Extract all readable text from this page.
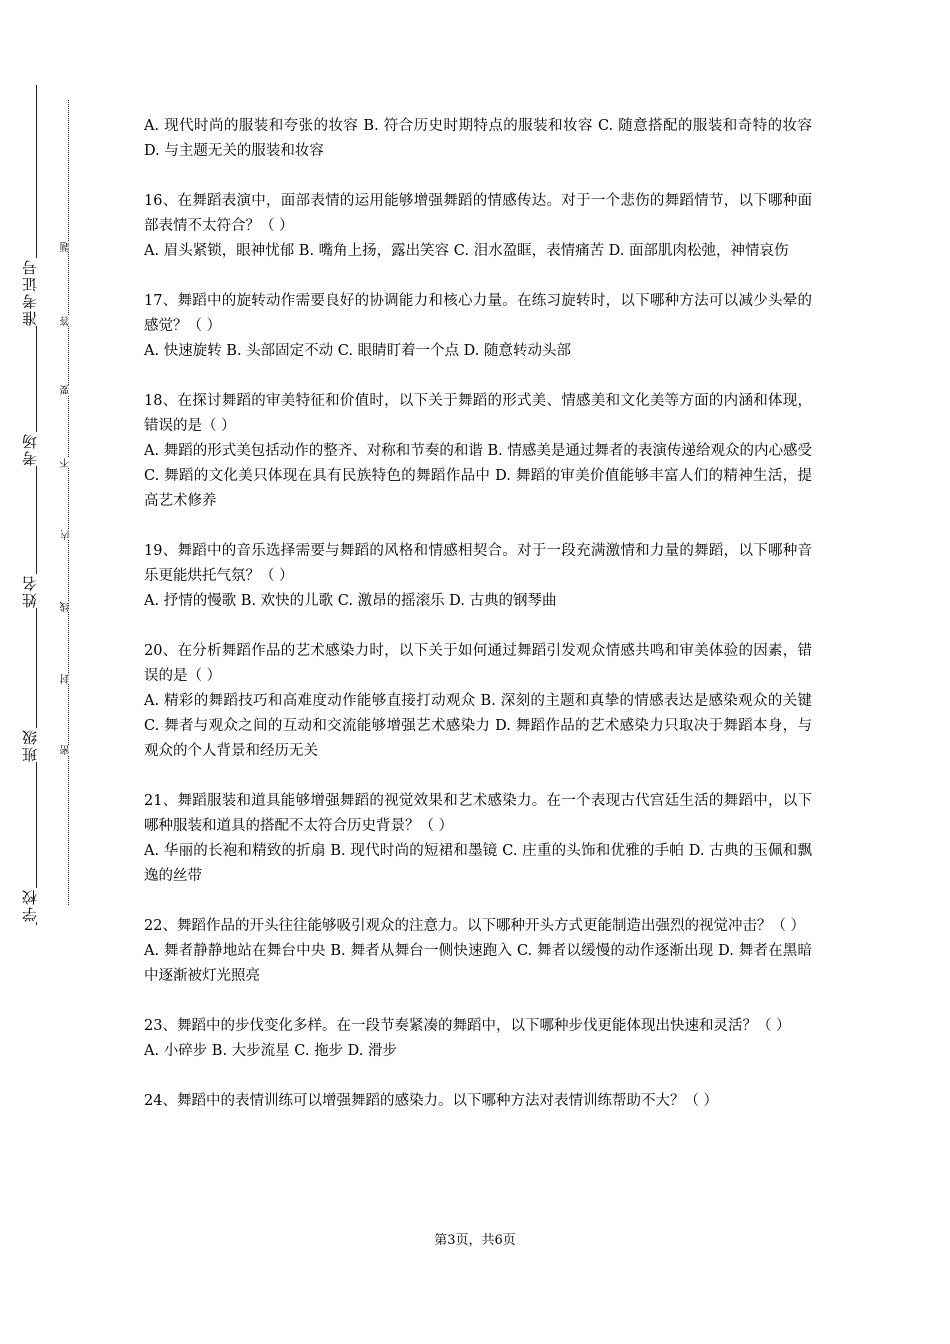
准考证号
考场
姓名
班级
学校
题
答
要
不
内
线
封
密

A. 现代时尚的服装和夸张的妆容 B. 符合历史时期特点的服装和妆容 C. 随意搭配的服装和奇特的妆容 D. 与主题无关的服装和妆容

16、在舞蹈表演中，面部表情的运用能够增强舞蹈的情感传达。对于一个悲伤的舞蹈情节，以下哪种面部表情不太符合？（ ）

A. 眉头紧锁，眼神忧郁 B. 嘴角上扬，露出笑容 C. 泪水盈眶，表情痛苦 D. 面部肌肉松弛，神情哀伤

17、舞蹈中的旋转动作需要良好的协调能力和核心力量。在练习旋转时，以下哪种方法可以减少头晕的感觉？（ ）

A. 快速旋转 B. 头部固定不动 C. 眼睛盯着一个点 D. 随意转动头部

18、在探讨舞蹈的审美特征和价值时，以下关于舞蹈的形式美、情感美和文化美等方面的内涵和体现，错误的是（ ）

A. 舞蹈的形式美包括动作的整齐、对称和节奏的和谐 B. 情感美是通过舞者的表演传递给观众的内心感受 C. 舞蹈的文化美只体现在具有民族特色的舞蹈作品中 D. 舞蹈的审美价值能够丰富人们的精神生活，提高艺术修养

19、舞蹈中的音乐选择需要与舞蹈的风格和情感相契合。对于一段充满激情和力量的舞蹈，以下哪种音乐更能烘托气氛？（ ）

A. 抒情的慢歌 B. 欢快的儿歌 C. 激昂的摇滚乐 D. 古典的钢琴曲

20、在分析舞蹈作品的艺术感染力时，以下关于如何通过舞蹈引发观众情感共鸣和审美体验的因素，错误的是（ ）

A. 精彩的舞蹈技巧和高难度动作能够直接打动观众 B. 深刻的主题和真挚的情感表达是感染观众的关键 C. 舞者与观众之间的互动和交流能够增强艺术感染力 D. 舞蹈作品的艺术感染力只取决于舞蹈本身，与观众的个人背景和经历无关

21、舞蹈服装和道具能够增强舞蹈的视觉效果和艺术感染力。在一个表现古代宫廷生活的舞蹈中，以下哪种服装和道具的搭配不太符合历史背景？（ ）

A. 华丽的长袍和精致的折扇 B. 现代时尚的短裙和墨镜 C. 庄重的头饰和优雅的手帕 D. 古典的玉佩和飘逸的丝带

22、舞蹈作品的开头往往能够吸引观众的注意力。以下哪种开头方式更能制造出强烈的视觉冲击？（ ）

A. 舞者静静地站在舞台中央 B. 舞者从舞台一侧快速跑入 C. 舞者以缓慢的动作逐渐出现 D. 舞者在黑暗中逐渐被灯光照亮

23、舞蹈中的步伐变化多样。在一段节奏紧凑的舞蹈中，以下哪种步伐更能体现出快速和灵活？（ ）

A. 小碎步 B. 大步流星 C. 拖步 D. 滑步

24、舞蹈中的表情训练可以增强舞蹈的感染力。以下哪种方法对表情训练帮助不大？（ ）

第3页，共6页
